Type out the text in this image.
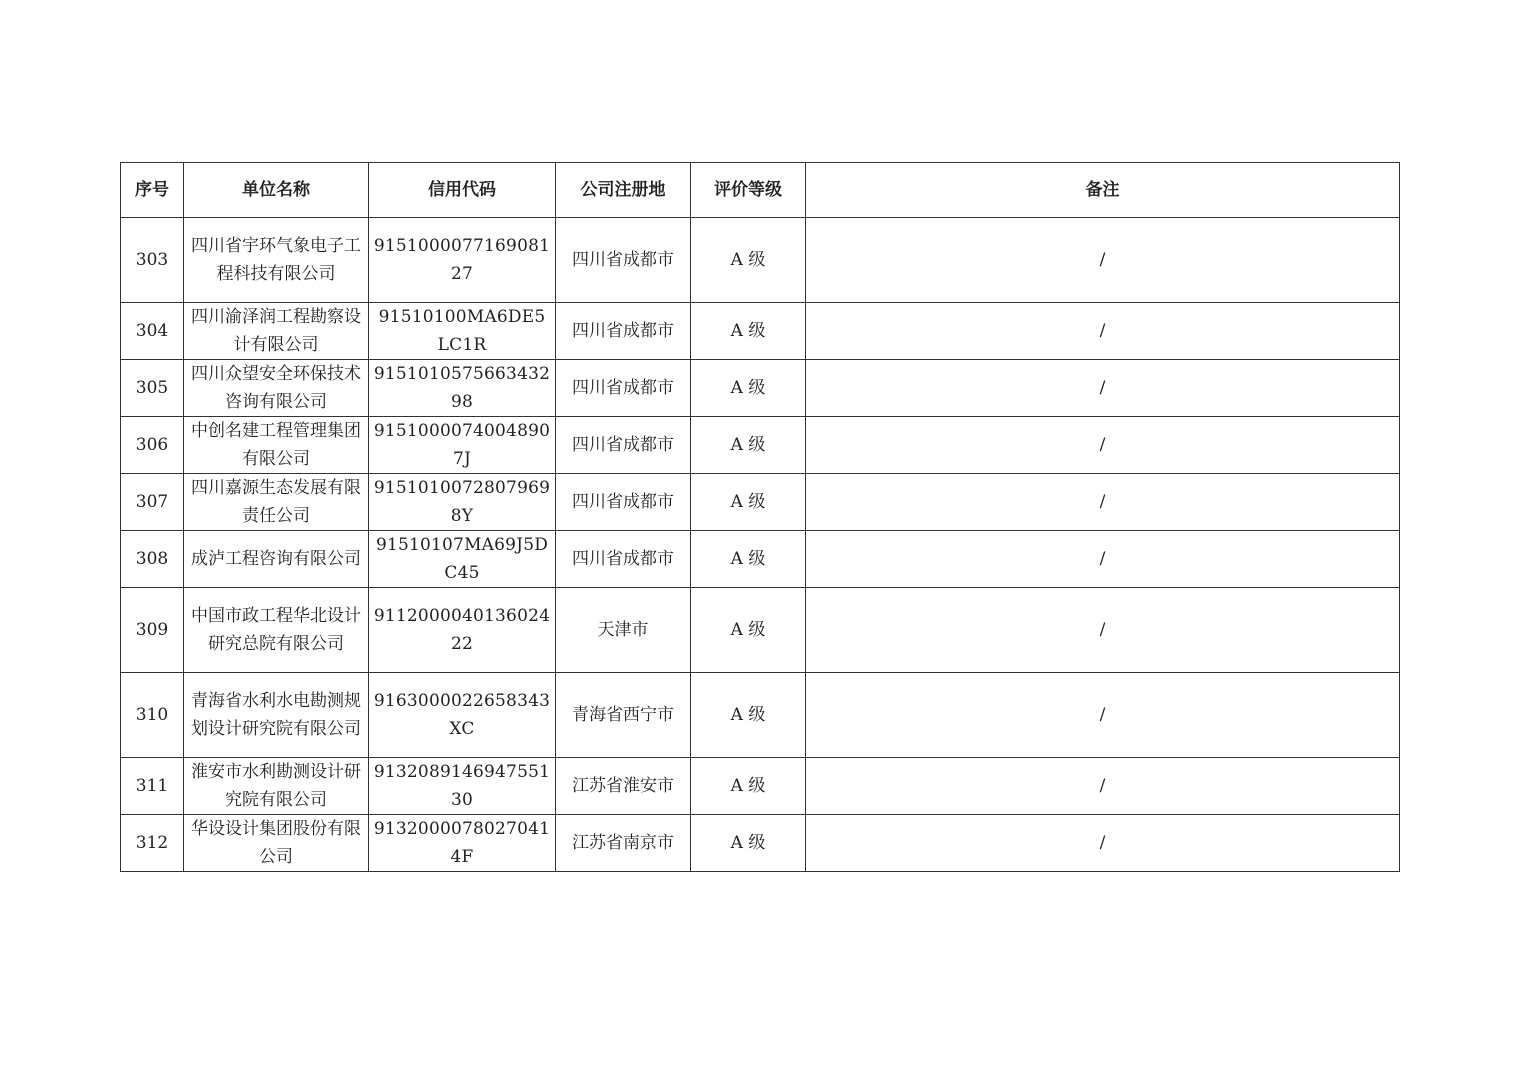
序号	单位名称	信用代码	公司注册地	评价等级	备注
303	四川省宇环气象电子工程科技有限公司	915100007716908127	四川省成都市	A 级	/
304	四川渝泽润工程勘察设计有限公司	91510100MA6DE5LC1R	四川省成都市	A 级	/
305	四川众望安全环保技术咨询有限公司	915101057566343298	四川省成都市	A 级	/
306	中创名建工程管理集团有限公司	91510000740048907J	四川省成都市	A 级	/
307	四川嘉源生态发展有限责任公司	91510100728079698Y	四川省成都市	A 级	/
308	成泸工程咨询有限公司	91510107MA69J5DC45	四川省成都市	A 级	/
309	中国市政工程华北设计研究总院有限公司	911200004013602422	天津市	A 级	/
310	青海省水利水电勘测规划设计研究院有限公司	9163000022658343XC	青海省西宁市	A 级	/
311	淮安市水利勘测设计研究院有限公司	913208914694755130	江苏省淮安市	A 级	/
312	华设设计集团股份有限公司	91320000780270414F	江苏省南京市	A 级	/
